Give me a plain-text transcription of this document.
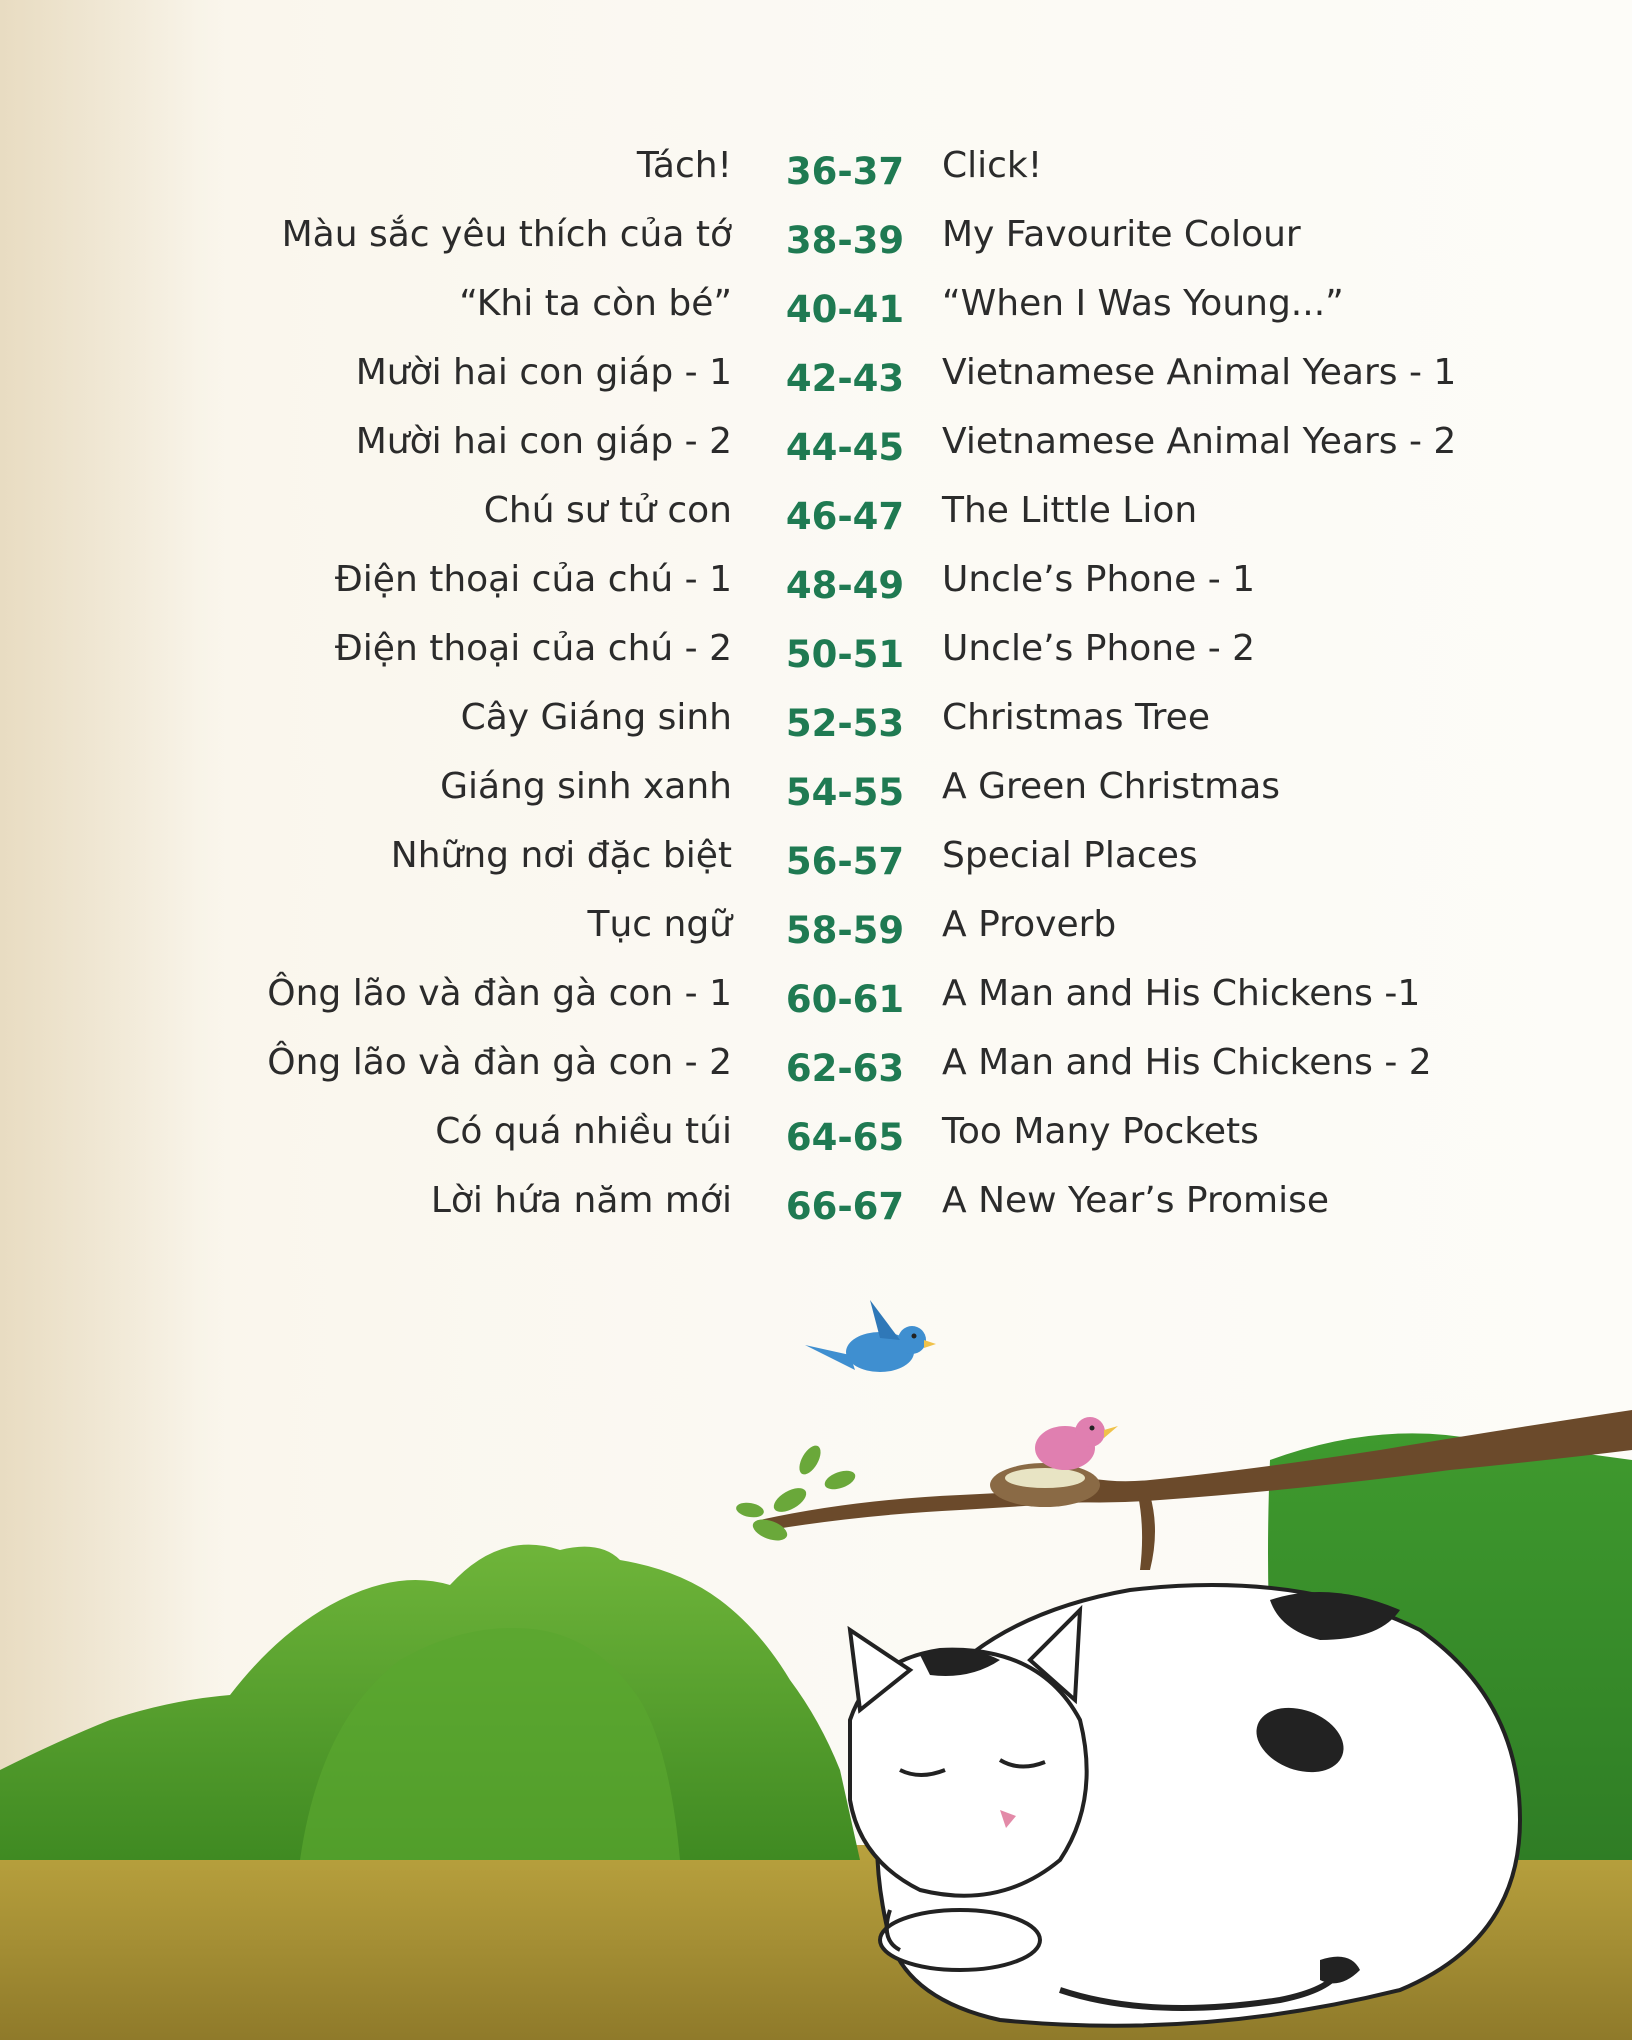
Tách!	36-37	Click!
Màu sắc yêu thích của tớ	38-39	My Favourite Colour
“Khi ta còn bé”	40-41	“When I Was Young...”
Mười hai con giáp - 1	42-43	Vietnamese Animal Years - 1
Mười hai con giáp - 2	44-45	Vietnamese Animal Years - 2
Chú sư tử con	46-47	The Little Lion
Điện thoại của chú - 1	48-49	Uncle’s Phone - 1
Điện thoại của chú - 2	50-51	Uncle’s Phone - 2
Cây Giáng sinh	52-53	Christmas Tree
Giáng sinh xanh	54-55	A Green Christmas
Những nơi đặc biệt	56-57	Special Places
Tục ngữ	58-59	A Proverb
Ông lão và đàn gà con - 1	60-61	A Man and His Chickens -1
Ông lão và đàn gà con - 2	62-63	A Man and His Chickens - 2
Có quá nhiều túi	64-65	Too Many Pockets
Lời hứa năm mới	66-67	A New Year’s Promise
